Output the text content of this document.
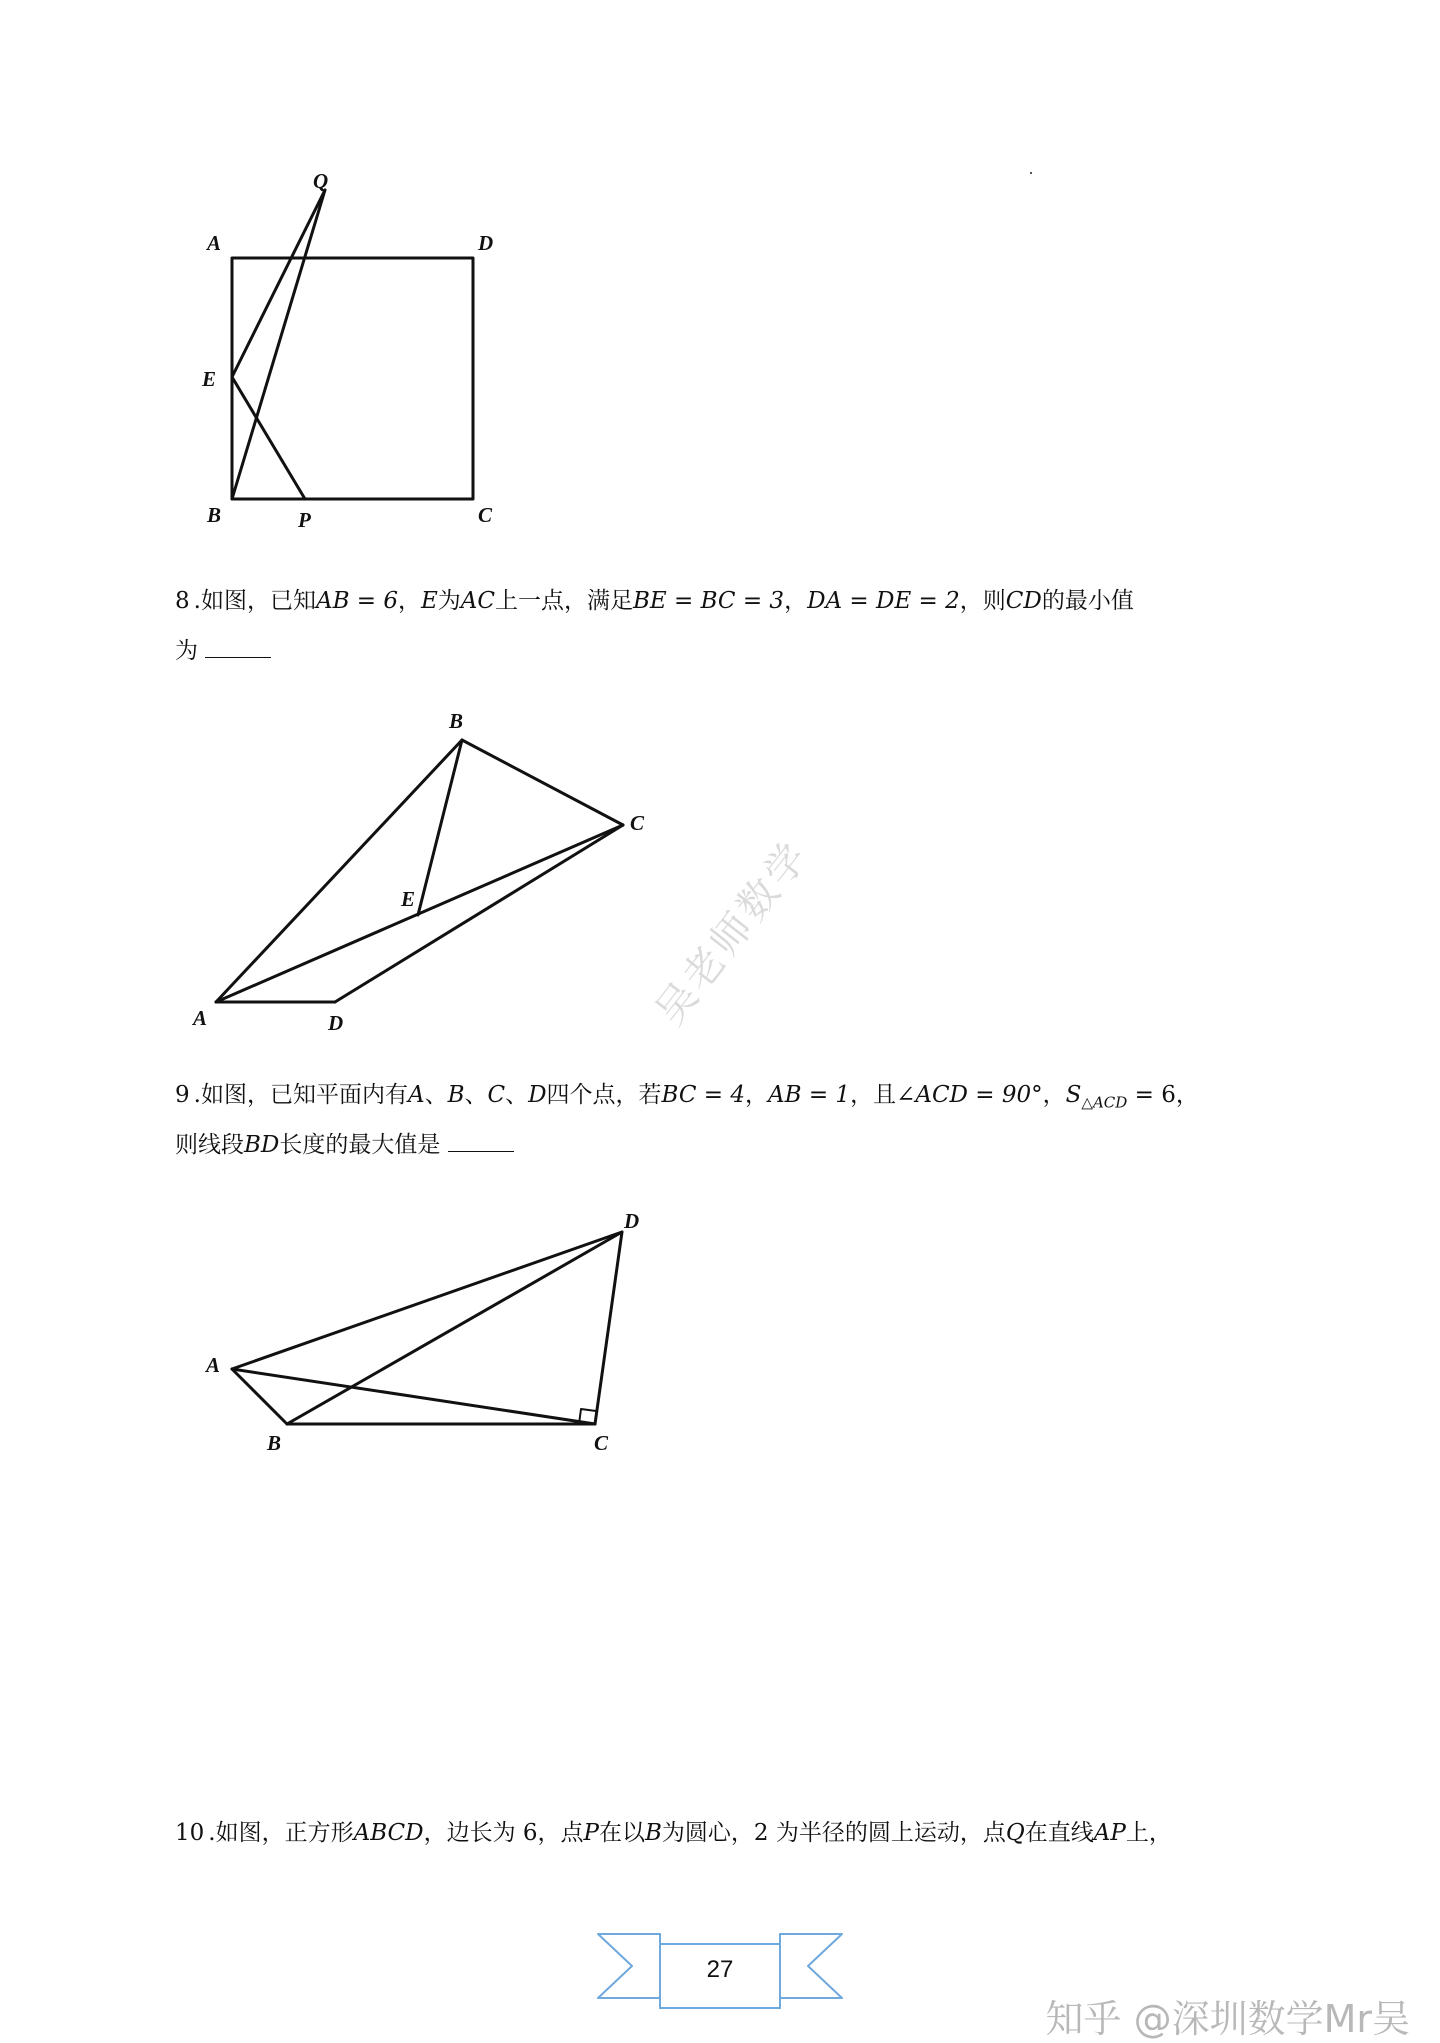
Q
A	D
E
B	P	C
8 .如图，已知AB = 6，E为AC上一点，满足BE = BC = 3，DA = DE = 2，则CD的最小值
为
B
C
E
A	D
9 .如图，已知平面内有A、B、C、D四个点，若BC = 4，AB = 1，且∠ACD = 90°，$S_{\triangle ACD} = 6$，
则线段BD长度的最大值是
D
A
B	C
10 .如图，正方形ABCD，边长为 6，点P在以B为圆心，2 为半径的圆上运动，点Q在直线AP上，
吴老师数学
27
知乎 @深圳数学Mr吴
